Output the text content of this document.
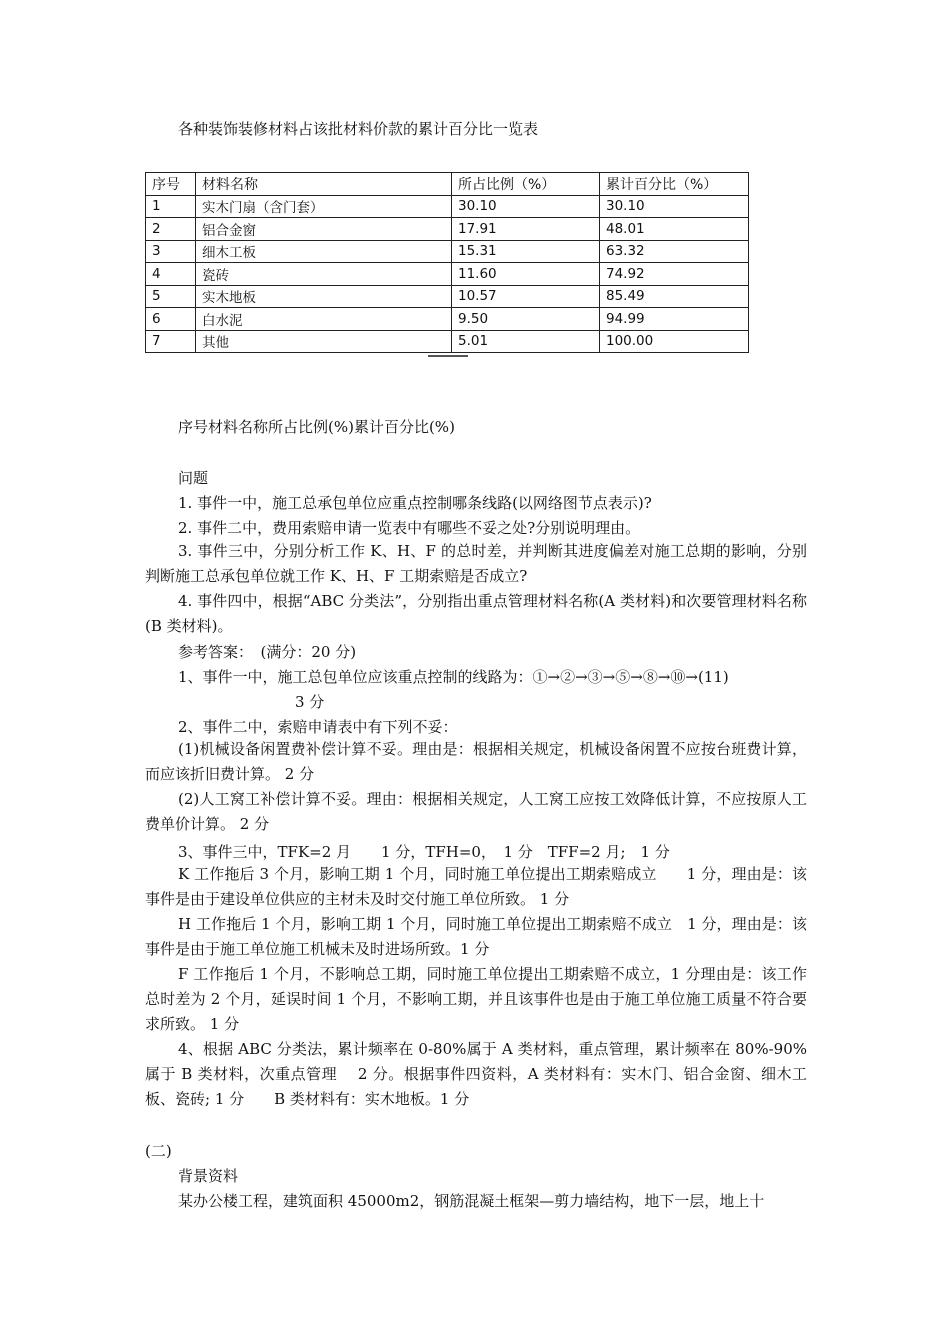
各种装饰装修材料占该批材料价款的累计百分比一览表
序号	材料名称	所占比例（%）	累计百分比（%）
1	实木门扇（含门套）	30.10	30.10
2	铝合金窗	17.91	48.01
3	细木工板	15.31	63.32
4	瓷砖	11.60	74.92
5	实木地板	10.57	85.49
6	白水泥	9.50	94.99
7	其他	5.01	100.00
序号材料名称所占比例(%)累计百分比(%)
问题
1. 事件一中，施工总承包单位应重点控制哪条线路(以网络图节点表示)?
2. 事件二中，费用索赔申请一览表中有哪些不妥之处?分别说明理由。
3. 事件三中，分别分析工作 K、H、F 的总时差，并判断其进度偏差对施工总期的影响，分别判断施工总承包单位就工作 K、H、F 工期索赔是否成立?
4. 事件四中，根据“ABC 分类法”，分别指出重点管理材料名称(A 类材料)和次要管理材料名称(B 类材料)。
参考答案：　(满分：20 分)
1、事件一中，施工总包单位应该重点控制的线路为：①→②→③→⑤→⑧→⑩→(11)
3 分
2、事件二中，索赔申请表中有下列不妥：
(1)机械设备闲置费补偿计算不妥。理由是：根据相关规定，机械设备闲置不应按台班费计算，而应该折旧费计算。 2 分
(2)人工窝工补偿计算不妥。理由：根据相关规定，人工窝工应按工效降低计算，不应按原人工费单价计算。 2 分
3、事件三中，TFK=2 月　　1 分，TFH=0，　1 分　TFF=2 月;　1 分
K 工作拖后 3 个月，影响工期 1 个月，同时施工单位提出工期索赔成立　　1 分，理由是：该事件是由于建设单位供应的主材未及时交付施工单位所致。 1 分
H 工作拖后 1 个月，影响工期 1 个月，同时施工单位提出工期索赔不成立　1 分，理由是：该事件是由于施工单位施工机械未及时进场所致。1 分
F 工作拖后 1 个月，不影响总工期，同时施工单位提出工期索赔不成立，1 分理由是：该工作总时差为 2 个月，延误时间 1 个月，不影响工期，并且该事件也是由于施工单位施工质量不符合要求所致。 1 分
4、根据 ABC 分类法，累计频率在 0-80%属于 A 类材料，重点管理，累计频率在 80%-90%属于 B 类材料，次重点管理　 2 分。根据事件四资料，A 类材料有：实木门、铝合金窗、细木工板、瓷砖; 1 分　　B 类材料有：实木地板。1 分
(二)
背景资料
某办公楼工程，建筑面积 45000m2，钢筋混凝土框架—剪力墙结构，地下一层，地上十
